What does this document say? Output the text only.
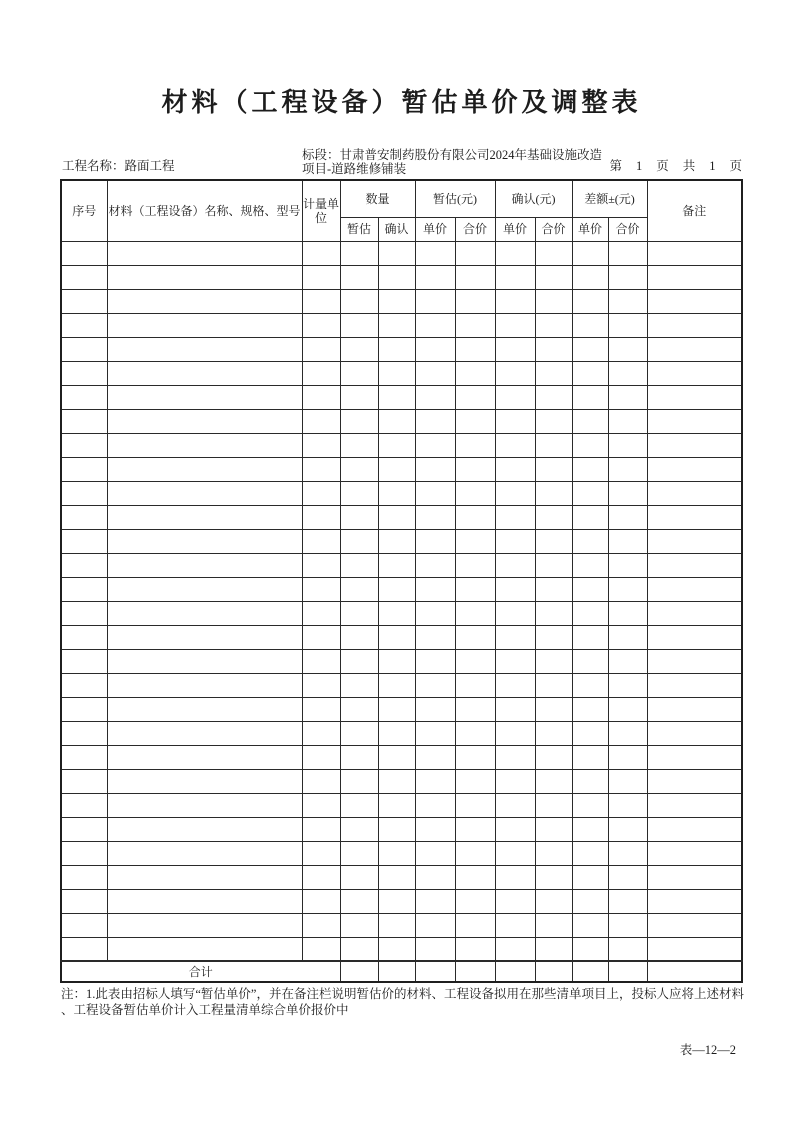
材料（工程设备）暂估单价及调整表
工程名称：路面工程
标段：甘肃普安制药股份有限公司2024年基础设施改造项目-道路维修铺装	第 1 页 共 1 页
序号	材料（工程设备）名称、规格、型号	计量单位	数量		暂估(元)		确认(元)		差额±(元)		备注
			暂估	确认	单价	合价	单价	合价	单价	合价	

合计											
注：1.此表由招标人填写“暂估单价”，并在备注栏说明暂估价的材料、工程设备拟用在那些清单项目上，投标人应将上述材料
、工程设备暂估单价计入工程量清单综合单价报价中
表—12—2
